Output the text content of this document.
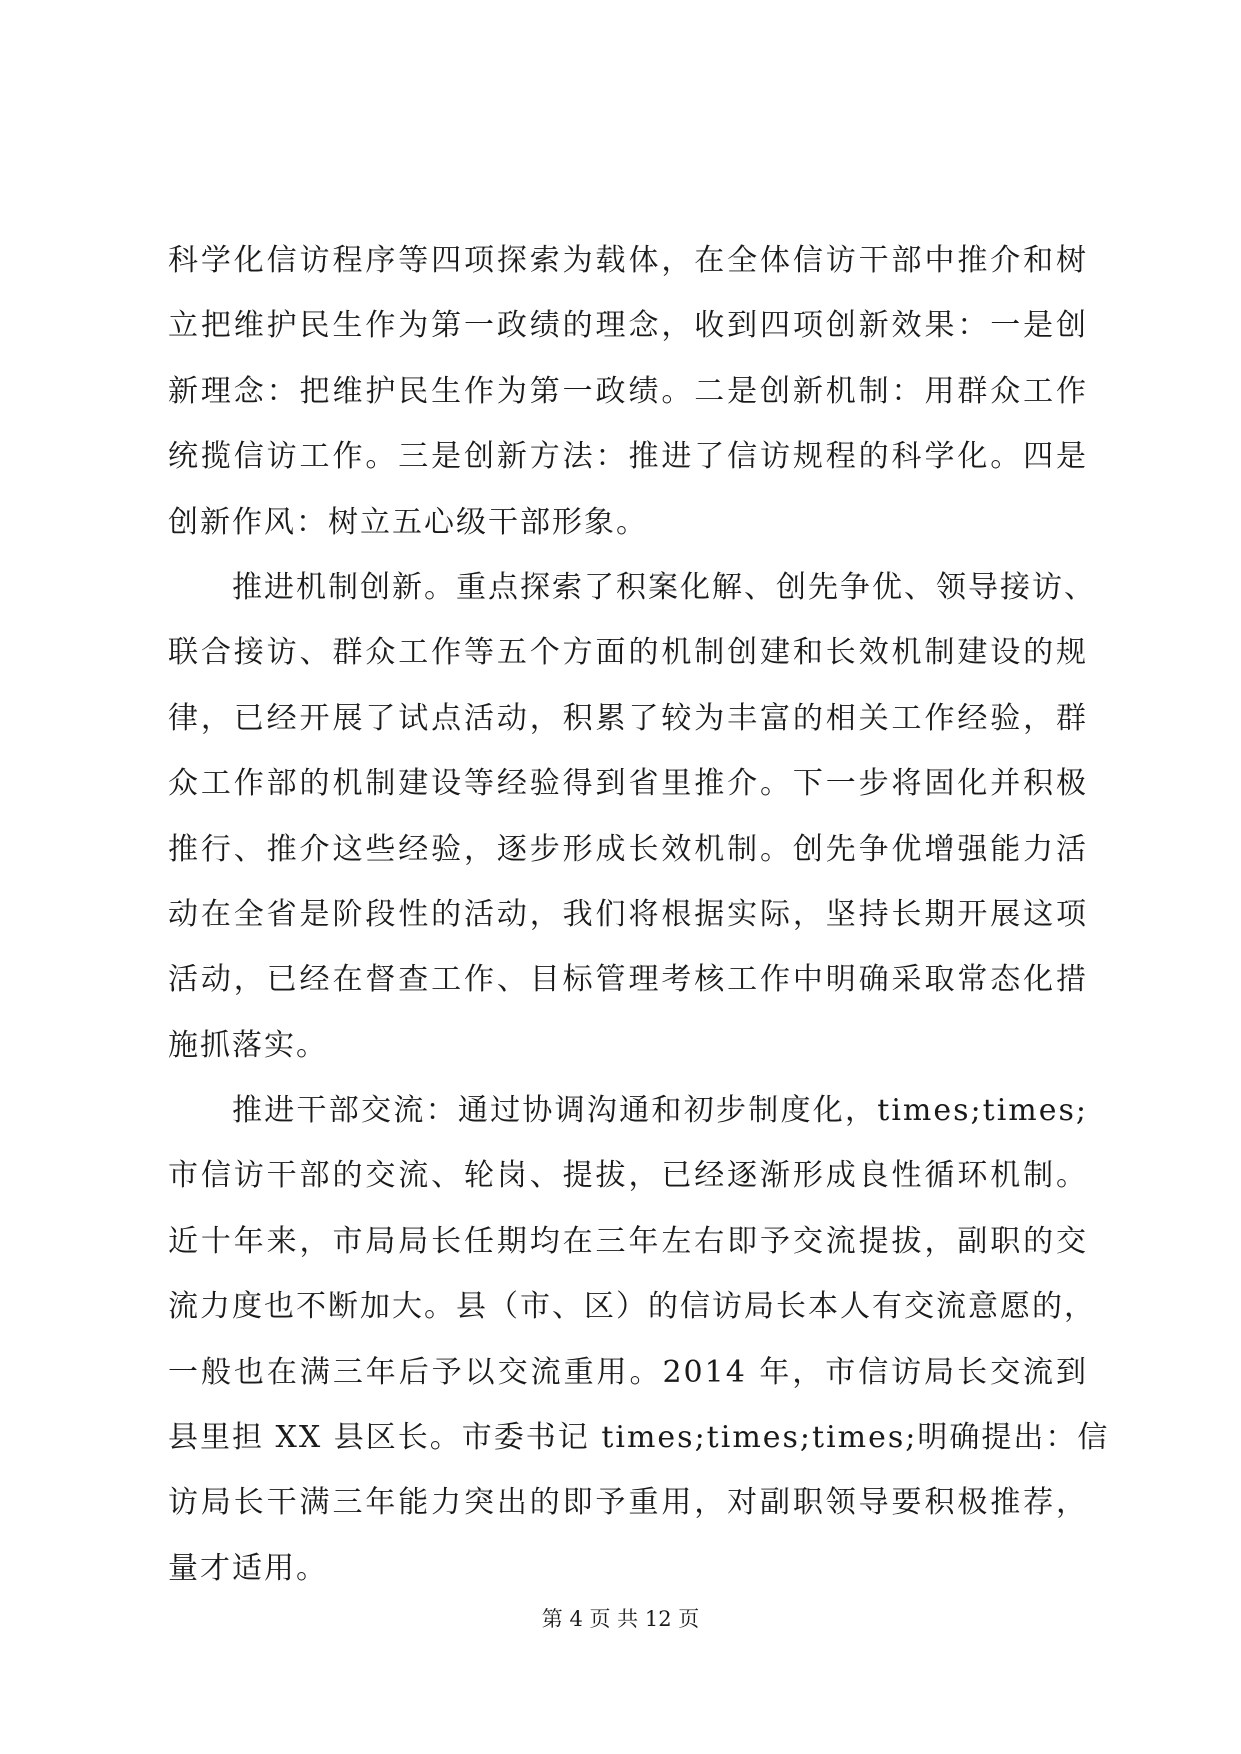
科学化信访程序等四项探索为载体，在全体信访干部中推介和树
立把维护民生作为第一政绩的理念，收到四项创新效果：一是创
新理念：把维护民生作为第一政绩。二是创新机制：用群众工作
统揽信访工作。三是创新方法：推进了信访规程的科学化。四是
创新作风：树立五心级干部形象。
推进机制创新。重点探索了积案化解、创先争优、领导接访、
联合接访、群众工作等五个方面的机制创建和长效机制建设的规
律，已经开展了试点活动，积累了较为丰富的相关工作经验，群
众工作部的机制建设等经验得到省里推介。下一步将固化并积极
推行、推介这些经验，逐步形成长效机制。创先争优增强能力活
动在全省是阶段性的活动，我们将根据实际，坚持长期开展这项
活动，已经在督查工作、目标管理考核工作中明确采取常态化措
施抓落实。
推进干部交流：通过协调沟通和初步制度化，times;times;
市信访干部的交流、轮岗、提拔，已经逐渐形成良性循环机制。
近十年来，市局局长任期均在三年左右即予交流提拔，副职的交
流力度也不断加大。县（市、区）的信访局长本人有交流意愿的，
一般也在满三年后予以交流重用。2014 年，市信访局长交流到
县里担 XX 县区长。市委书记 times;times;times;明确提出：信
访局长干满三年能力突出的即予重用，对副职领导要积极推荐，
量才适用。
第 4 页 共 12 页
